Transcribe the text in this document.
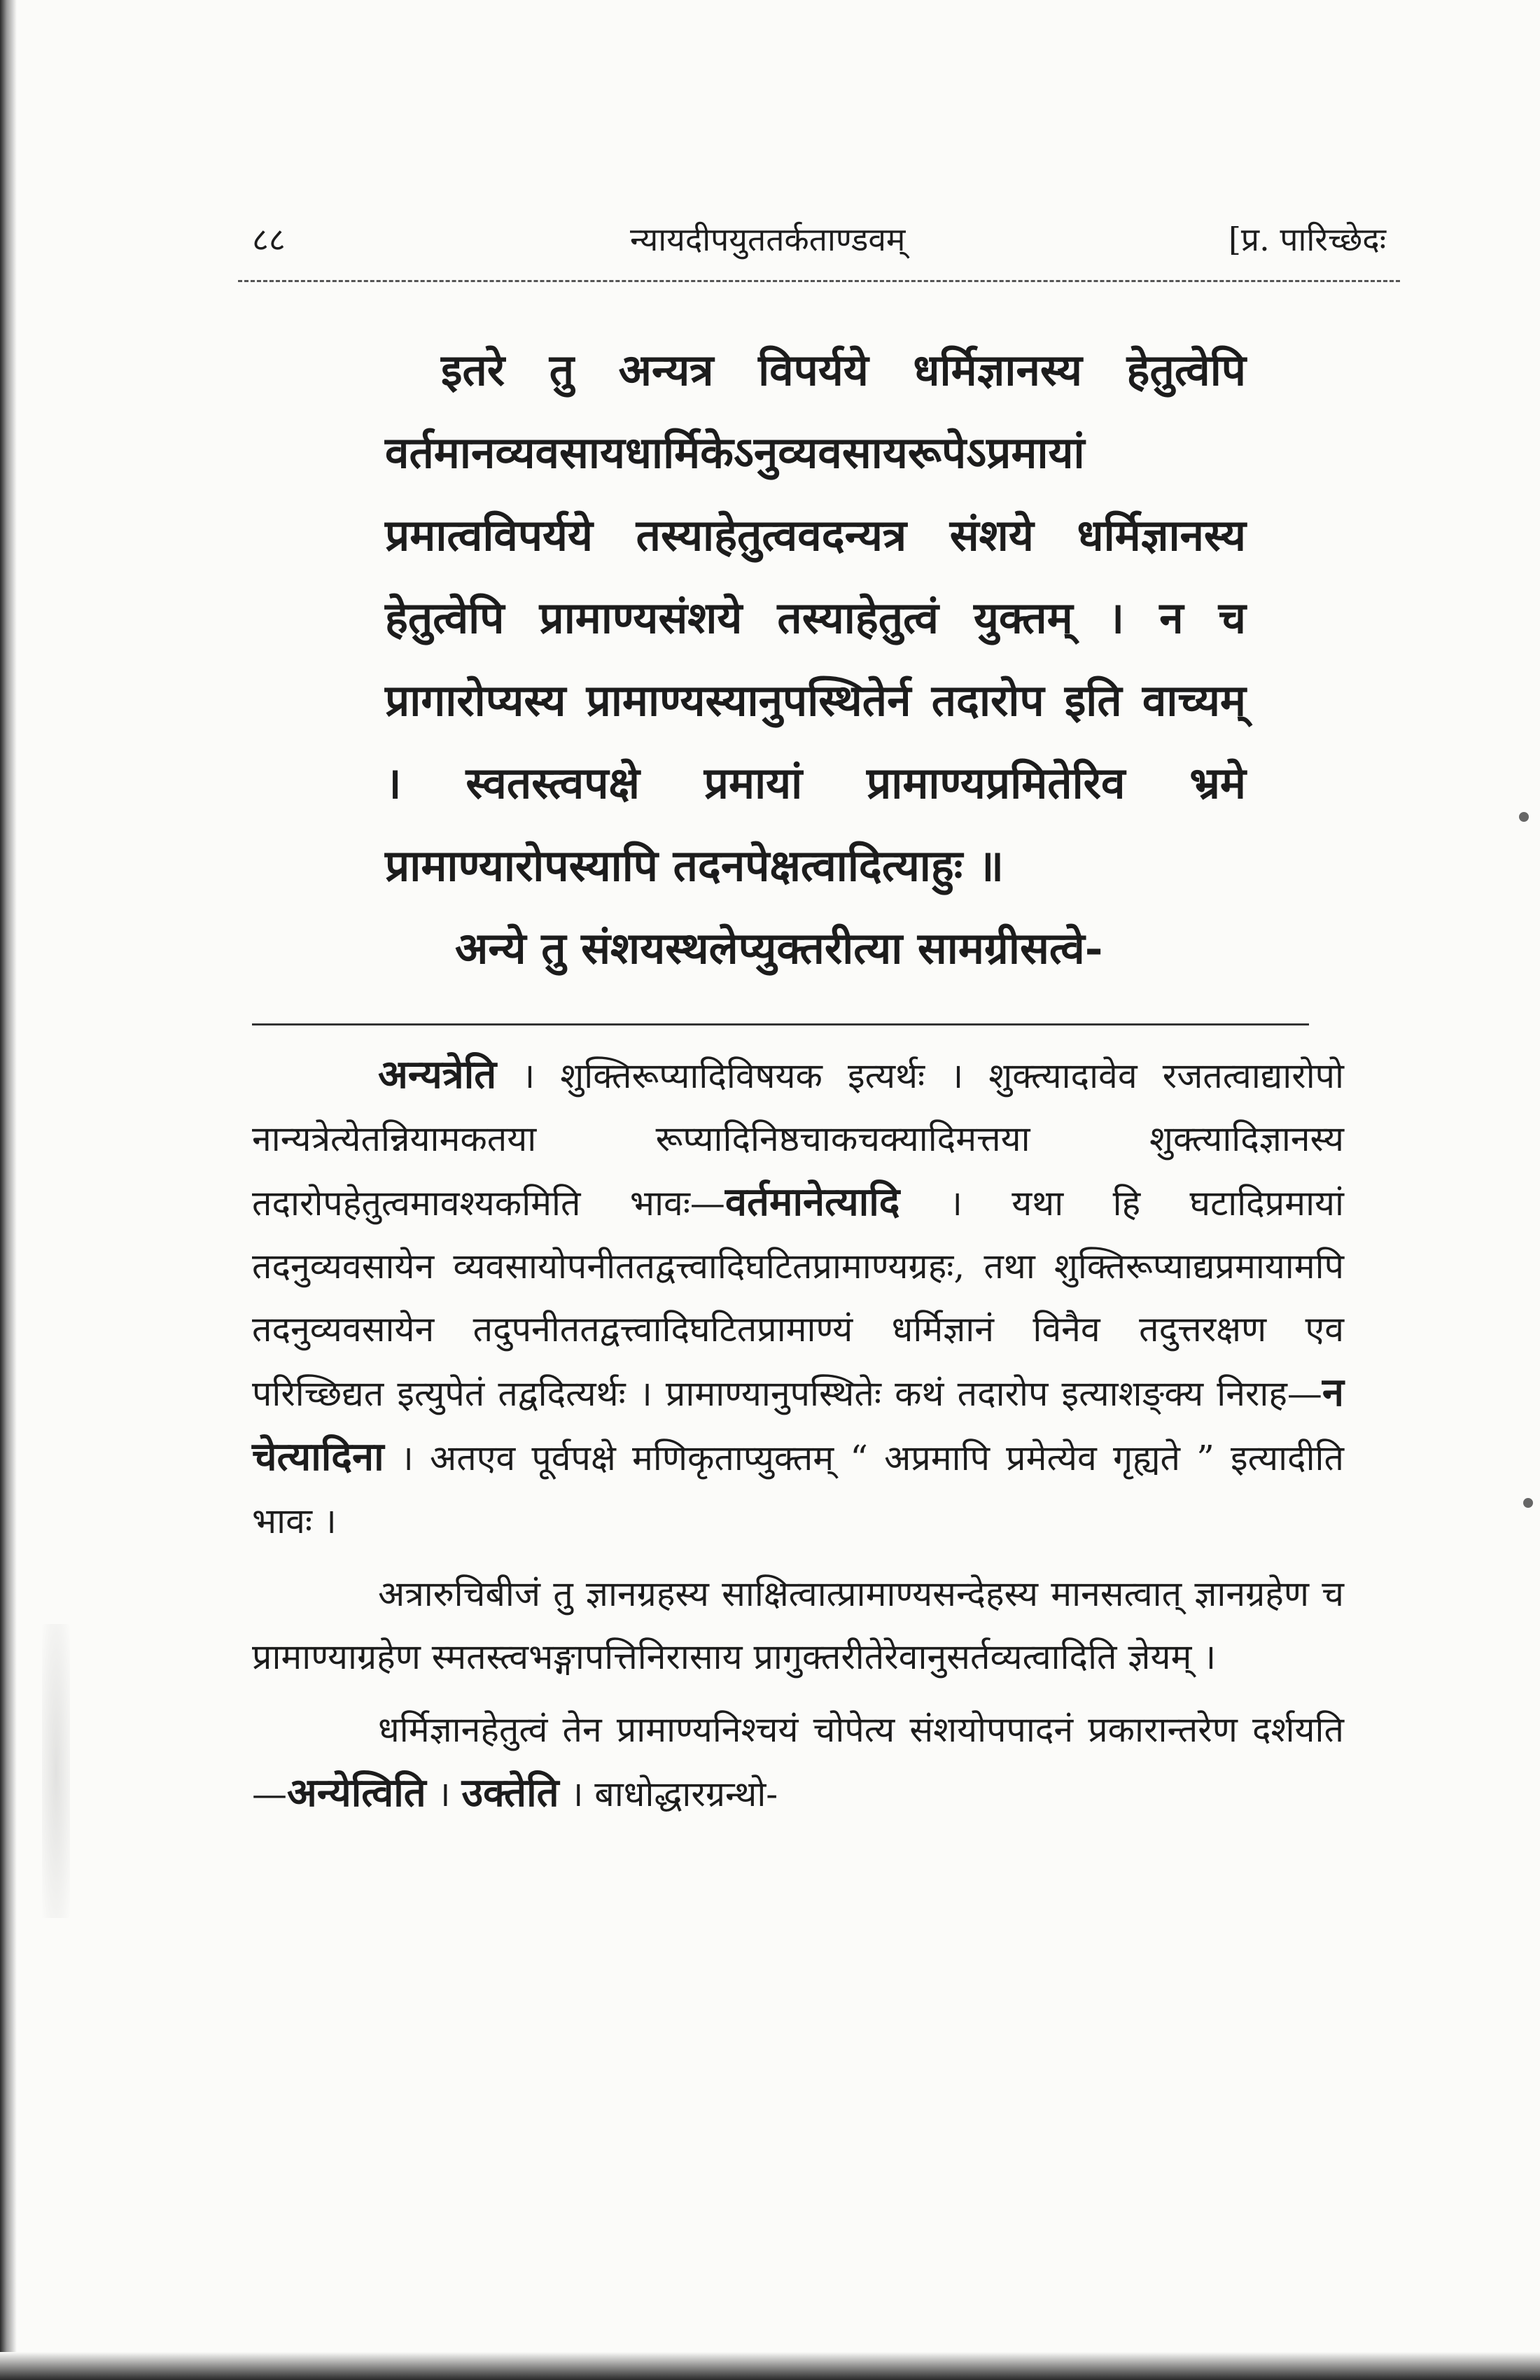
८८	न्यायदीपयुततर्कताण्डवम्	[प्र. पारिच्छेदः

इतरे तु अन्यत्र विपर्यये धर्मिज्ञानस्य हेतुत्वेपि वर्तमानव्यवसायधार्मिकेऽनुव्यवसायरूपेऽप्रमायां प्रमात्वविपर्यये तस्याहेतुत्ववदन्यत्र संशये धर्मिज्ञानस्य हेतुत्वेपि प्रामाण्यसंशये तस्याहेतुत्वं युक्तम् । न च प्रागारोप्यस्य प्रामाण्यस्यानुपस्थितेर्न तदारोप इति वाच्यम् । स्वतस्त्वपक्षे प्रमायां प्रामाण्यप्रमितेरिव भ्रमे प्रामाण्यारोपस्यापि तदनपेक्षत्वादित्याहुः ॥

अन्ये तु संशयस्थलेप्युक्तरीत्या सामग्रीसत्वे-

अन्यत्रेति । शुक्तिरूप्यादिविषयक इत्यर्थः । शुक्त्यादावेव रजतत्वाद्यारोपो नान्यत्रेत्येतन्नियामकतया रूप्यादिनिष्ठचाकचक्यादिमत्तया शुक्त्यादिज्ञानस्य तदारोपहेतुत्वमावश्यकमिति भावः—वर्तमानेत्यादि । यथा हि घटादिप्रमायां तदनुव्यवसायेन व्यवसायोपनीततद्वत्त्वादिघटितप्रामाण्यग्रहः, तथा शुक्तिरूप्याद्यप्रमायामपि तदनुव्यवसायेन तदुपनीततद्वत्त्वादिघटितप्रामाण्यं धर्मिज्ञानं विनैव तदुत्तरक्षण एव परिच्छिद्यत इत्युपेतं तद्वदित्यर्थः । प्रामाण्यानुपस्थितेः कथं तदारोप इत्याशङ्क्य निराह—न चेत्यादिना । अतएव पूर्वपक्षे मणिकृताप्युक्तम् “ अप्रमापि प्रमेत्येव गृह्यते ” इत्यादीति भावः ।

अत्रारुचिबीजं तु ज्ञानग्रहस्य साक्षित्वात्प्रामाण्यसन्देहस्य मानसत्वात् ज्ञानग्रहेण च प्रामाण्याग्रहेण स्मतस्त्वभङ्गापत्तिनिरासाय प्रागुक्तरीतेरेवानुसर्तव्यत्वादिति ज्ञेयम् ।

धर्मिज्ञानहेतुत्वं तेन प्रामाण्यनिश्चयं चोपेत्य संशयोपपादनं प्रकारान्तरेण दर्शयति—अन्येत्विति । उक्तेति । बाधोद्धारग्रन्थो-
